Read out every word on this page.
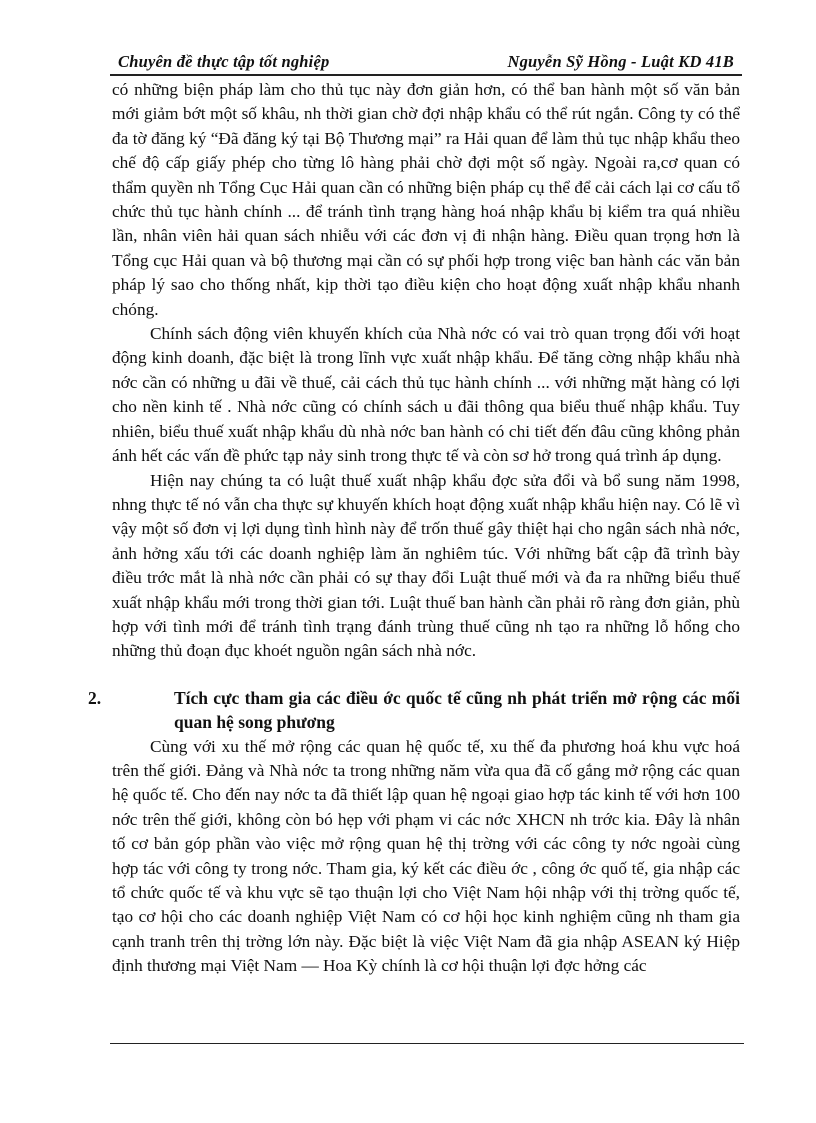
Chuyên đề thực tập tốt nghiệp	Nguyễn Sỹ Hồng - Luật KD 41B

có những biện pháp làm cho thủ tục này đơn giản hơn, có thể ban hành một số văn bản mới giảm bớt một số khâu, nh thời gian chờ đợi nhập khẩu có thể rút ngắn. Công ty có thể đa tờ đăng ký “Đã đăng ký tại Bộ Thương mại” ra Hải quan để làm thủ tục nhập khẩu theo chế độ cấp giấy phép cho từng lô hàng phải chờ đợi một số ngày. Ngoài ra,cơ quan có thẩm quyền nh Tổng Cục Hải quan cần có những biện pháp cụ thể để cải cách lại cơ cấu tổ chức thủ tục hành chính ... để tránh tình trạng hàng hoá nhập khẩu bị kiểm tra quá nhiều lần, nhân viên hải quan sách nhiễu với các đơn vị đi nhận hàng. Điều quan trọng hơn là Tổng cục Hải quan và bộ thương mại cần có sự phối hợp trong việc ban hành các văn bản pháp lý sao cho thống nhất, kịp thời tạo điều kiện cho hoạt động xuất nhập khẩu nhanh chóng.

Chính sách động viên khuyến khích của Nhà nớc có vai trò quan trọng đối với hoạt động kinh doanh, đặc biệt là trong lĩnh vực xuất nhập khẩu. Để tăng cờng nhập khẩu nhà nớc cần có những u đãi về thuế, cải cách thủ tục hành chính ... với những mặt hàng có lợi cho nền kinh tế . Nhà nớc cũng có chính sách u đãi thông qua biểu thuế nhập khẩu. Tuy nhiên, biểu thuế xuất nhập khẩu dù nhà nớc ban hành có chi tiết đến đâu cũng không phản ánh hết các vấn đề phức tạp nảy sinh trong thực tế và còn sơ hở trong quá trình áp dụng.

Hiện nay chúng ta có luật thuế xuất nhập khẩu đợc sửa đổi và bổ sung năm 1998, nhng thực tế nó vẫn cha thực sự khuyến khích hoạt động xuất nhập khẩu hiện nay. Có lẽ vì vậy một số đơn vị lợi dụng tình hình này để trốn thuế gây thiệt hại cho ngân sách nhà nớc, ảnh hởng xấu tới các doanh nghiệp làm ăn nghiêm túc. Với những bất cập đã trình bày điều trớc mắt là nhà nớc cần phải có sự thay đổi Luật thuế mới và đa ra những biểu thuế xuất nhập khẩu mới trong thời gian tới. Luật thuế ban hành cần phải rõ ràng đơn giản, phù hợp với tình mới để tránh tình trạng đánh trùng thuế cũng nh tạo ra những lỗ hổng cho những thủ đoạn đục khoét nguồn ngân sách nhà nớc.

2.	Tích cực tham gia các điều ớc quốc tế cũng nh phát triển mở rộng các mối quan hệ song phương

Cùng với xu thế mở rộng các quan hệ quốc tế, xu thế đa phương hoá khu vực hoá trên thế giới. Đảng và Nhà nớc ta trong những năm vừa qua đã cố gắng mở rộng các quan hệ quốc tế. Cho đến nay nớc ta đã thiết lập quan hệ ngoại giao hợp tác kinh tế với hơn 100 nớc trên thế giới, không còn bó hẹp với phạm vi các nớc XHCN nh trớc kia. Đây là nhân tố cơ bản góp phần vào việc mở rộng quan hệ thị trờng với các công ty nớc ngoài cùng hợp tác với công ty trong nớc. Tham gia, ký kết các điều ớc , công ớc quố tế, gia nhập các tổ chức quốc tế và khu vực sẽ tạo thuận lợi cho Việt Nam hội nhập với thị trờng quốc tế, tạo cơ hội cho các doanh nghiệp Việt Nam có cơ hội học kinh nghiệm cũng nh tham gia cạnh tranh trên thị trờng lớn này. Đặc biệt là việc Việt Nam đã gia nhập ASEAN ký Hiệp định thương mại Việt Nam — Hoa Kỳ chính là cơ hội thuận lợi đợc hởng các
